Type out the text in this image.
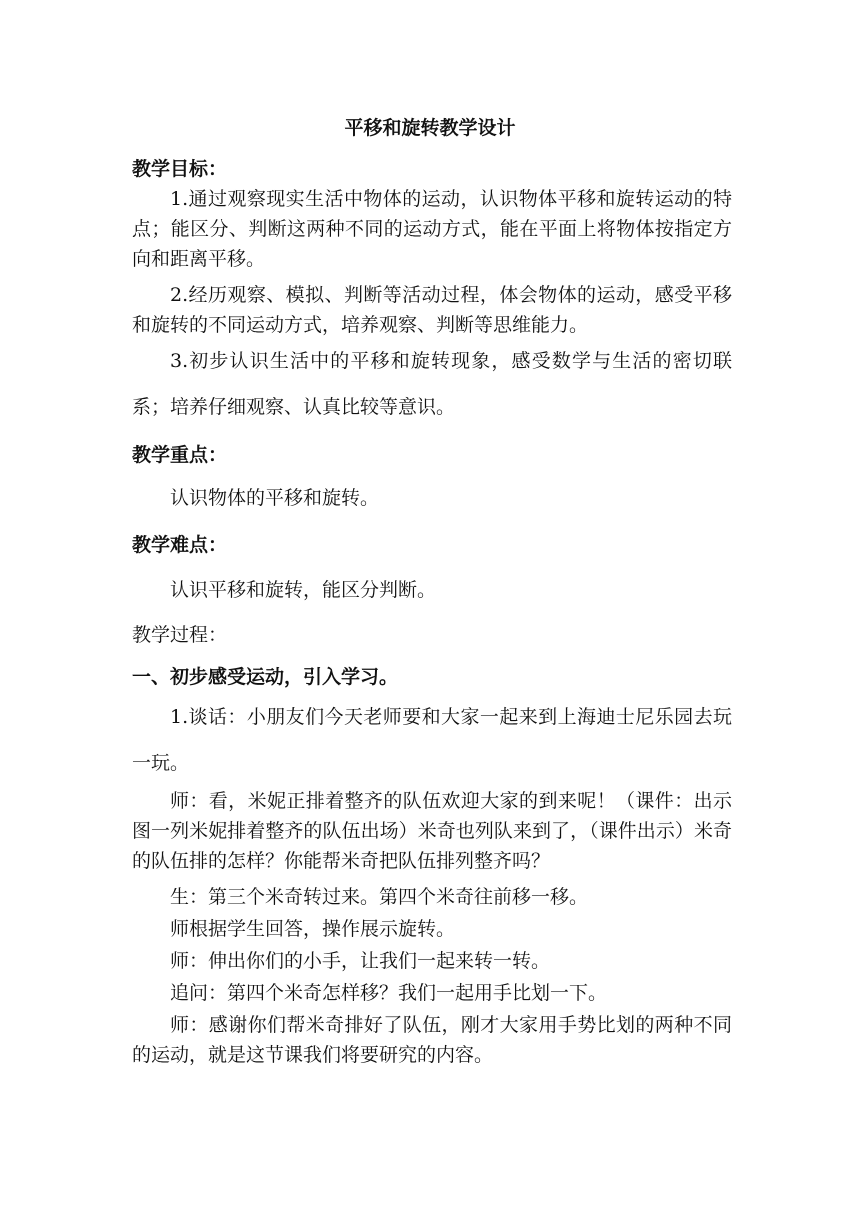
平移和旋转教学设计
教学目标：
1.通过观察现实生活中物体的运动，认识物体平移和旋转运动的特点；能区分、判断这两种不同的运动方式，能在平面上将物体按指定方向和距离平移。
2.经历观察、模拟、判断等活动过程，体会物体的运动，感受平移和旋转的不同运动方式，培养观察、判断等思维能力。
3.初步认识生活中的平移和旋转现象，感受数学与生活的密切联系；培养仔细观察、认真比较等意识。
教学重点：
认识物体的平移和旋转。
教学难点：
认识平移和旋转，能区分判断。
教学过程：
一、初步感受运动，引入学习。
1.谈话：小朋友们今天老师要和大家一起来到上海迪士尼乐园去玩一玩。
师：看，米妮正排着整齐的队伍欢迎大家的到来呢！（课件：出示图一列米妮排着整齐的队伍出场）米奇也列队来到了，（课件出示）米奇的队伍排的怎样？你能帮米奇把队伍排列整齐吗？
生：第三个米奇转过来。第四个米奇往前移一移。
师根据学生回答，操作展示旋转。
师：伸出你们的小手，让我们一起来转一转。
追问：第四个米奇怎样移？我们一起用手比划一下。
师：感谢你们帮米奇排好了队伍，刚才大家用手势比划的两种不同的运动，就是这节课我们将要研究的内容。
